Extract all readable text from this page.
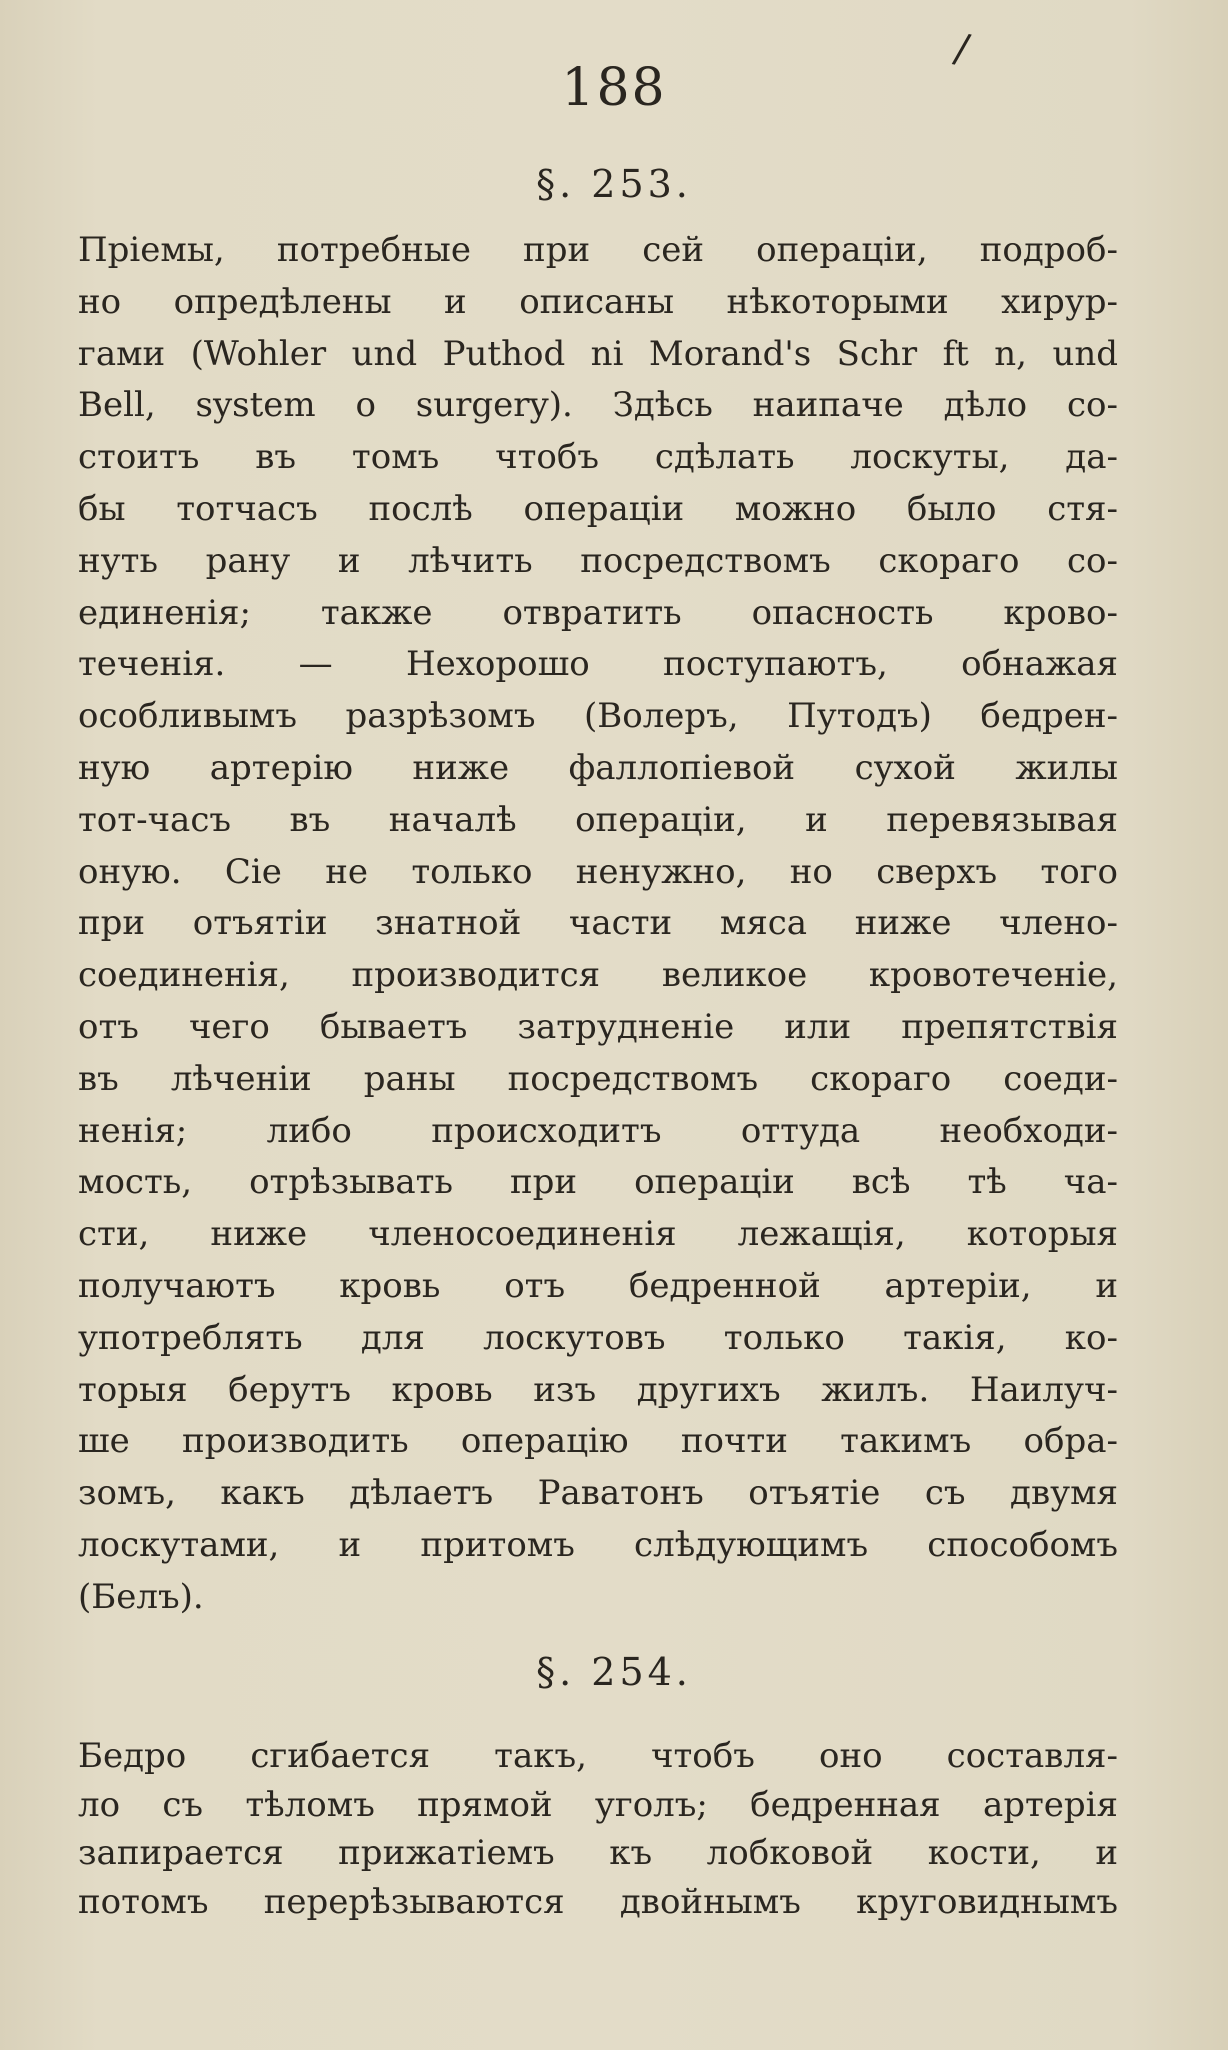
/
188
§. 253.
Пріемы, потребные при сей операціи, подроб-
но опредѣлены и описаны нѣкоторыми хирур-
гами (Wohler und Puthod ni Morand's Schr ft n, und
Bell, system o surgery). Здѣсь наипаче дѣло со-
стоитъ въ томъ чтобъ сдѣлать лоскуты, да-
бы тотчасъ послѣ операціи можно было стя-
нуть рану и лѣчить посредствомъ скораго со-
единенія; также отвратить опасность крово-
теченія. — Нехорошо поступаютъ, обнажая
особливымъ разрѣзомъ (Волеръ, Путодъ) бедрен-
ную артерію ниже фаллопіевой сухой жилы
тот-часъ въ началѣ операціи, и перевязывая
оную. Сіе не только ненужно, но сверхъ того
при отъятіи знатной части мяса ниже члено-
соединенія, производится великое кровотеченіе,
отъ чего бываетъ затрудненіе или препятствія
въ лѣченіи раны посредствомъ скораго соеди-
ненія; либо происходитъ оттуда необходи-
мость, отрѣзывать при операціи всѣ тѣ ча-
сти, ниже членосоединенія лежащія, которыя
получаютъ кровь отъ бедренной артеріи, и
употреблять для лоскутовъ только такія, ко-
торыя берутъ кровь изъ другихъ жилъ. Наилуч-
ше производить операцію почти такимъ обра-
зомъ, какъ дѣлаетъ Раватонъ отъятіе съ двумя
лоскутами, и притомъ слѣдующимъ способомъ
(Белъ).
§. 254.
Бедро сгибается такъ, чтобъ оно составля-
ло съ тѣломъ прямой уголъ; бедренная артерія
запирается прижатіемъ къ лобковой кости, и
потомъ перерѣзываются двойнымъ круговиднымъ
